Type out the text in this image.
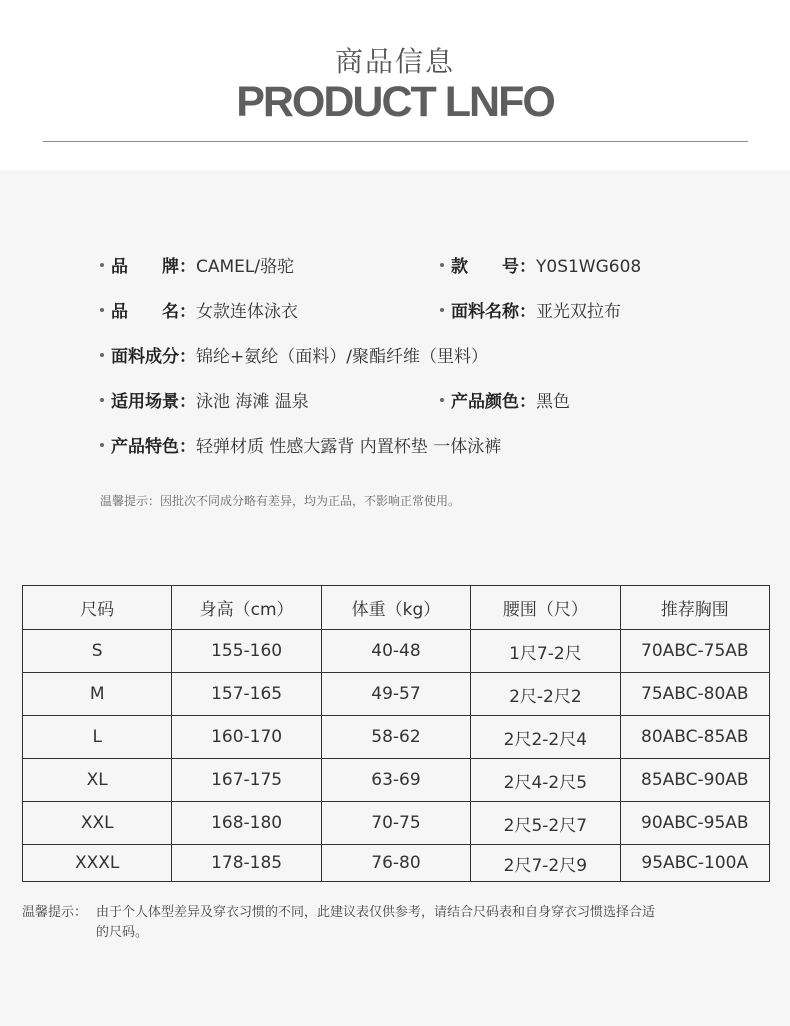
商品信息
PRODUCT LNFO
品　　牌：CAMEL/骆驼	款　　号：Y0S1WG608
品　　名：女款连体泳衣	面料名称：亚光双拉布
面料成分：锦纶+氨纶（面料）/聚酯纤维（里料）
适用场景：泳池 海滩 温泉	产品颜色：黑色
产品特色：轻弹材质 性感大露背 内置杯垫 一体泳裤
温馨提示：因批次不同成分略有差异，均为正品，不影响正常使用。
尺码	身高（cm）	体重（kg）	腰围（尺）	推荐胸围
S	155-160	40-48	1尺7-2尺	70ABC-75AB
M	157-165	49-57	2尺-2尺2	75ABC-80AB
L	160-170	58-62	2尺2-2尺4	80ABC-85AB
XL	167-175	63-69	2尺4-2尺5	85ABC-90AB
XXL	168-180	70-75	2尺5-2尺7	90ABC-95AB
XXXL	178-185	76-80	2尺7-2尺9	95ABC-100A
温馨提示： 由于个人体型差异及穿衣习惯的不同，此建议表仅供参考，请结合尺码表和自身穿衣习惯选择合适的尺码。
